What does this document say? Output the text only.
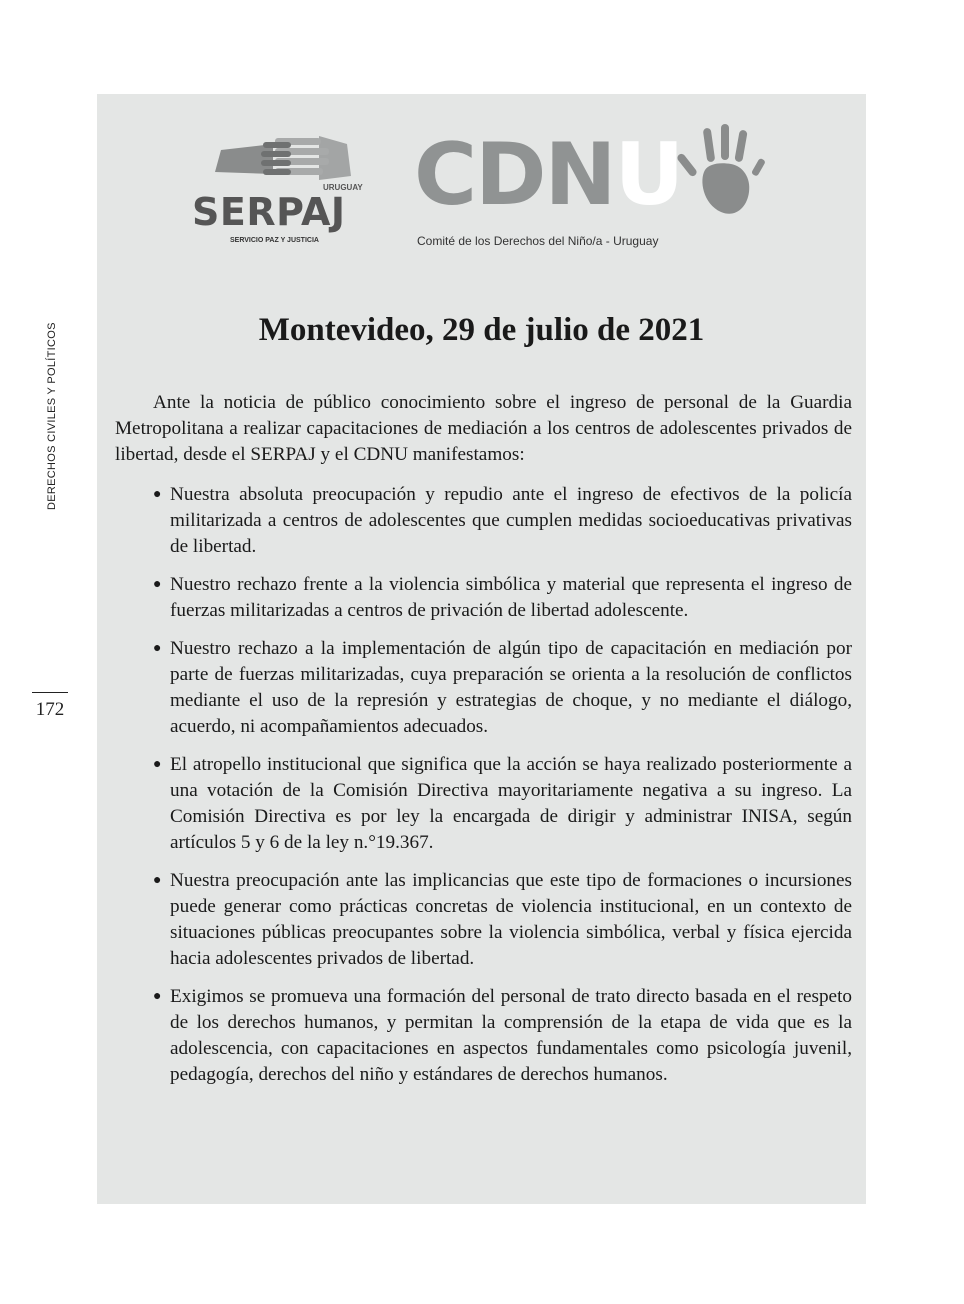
DERECHOS CIVILES Y POLÍTICOS
172
URUGUAY
SERPAJ
SERVICIO PAZ Y JUSTICIA
CDNU
Comité de los Derechos del Niño/a - Uruguay
Montevideo, 29 de julio de 2021

Ante la noticia de público conocimiento sobre el ingreso de personal de la Guardia Metropolitana a realizar capacitaciones de mediación a los centros de adolescentes privados de libertad, desde el SERPAJ y el CDNU manifestamos:

● Nuestra absoluta preocupación y repudio ante el ingreso de efectivos de la policía militarizada a centros de adolescentes que cumplen medidas socioeducativas privativas de libertad.
● Nuestro rechazo frente a la violencia simbólica y material que representa el ingreso de fuerzas militarizadas a centros de privación de libertad adolescente.
● Nuestro rechazo a la implementación de algún tipo de capacitación en mediación por parte de fuerzas militarizadas, cuya preparación se orienta a la resolución de conflictos mediante el uso de la represión y estrategias de choque, y no mediante el diálogo, acuerdo, ni acompañamientos adecuados.
● El atropello institucional que significa que la acción se haya realizado posteriormente a una votación de la Comisión Directiva mayoritariamente negativa a su ingreso. La Comisión Directiva es por ley la encargada de dirigir y administrar INISA, según artículos 5 y 6 de la ley n.°19.367.
● Nuestra preocupación ante las implicancias que este tipo de formaciones o incursiones puede generar como prácticas concretas de violencia institucional, en un contexto de situaciones públicas preocupantes sobre la violencia simbólica, verbal y física ejercida hacia adolescentes privados de libertad.
● Exigimos se promueva una formación del personal de trato directo basada en el respeto de los derechos humanos, y permitan la comprensión de la etapa de vida que es la adolescencia, con capacitaciones en aspectos fundamentales como psicología juvenil, pedagogía, derechos del niño y estándares de derechos humanos.
